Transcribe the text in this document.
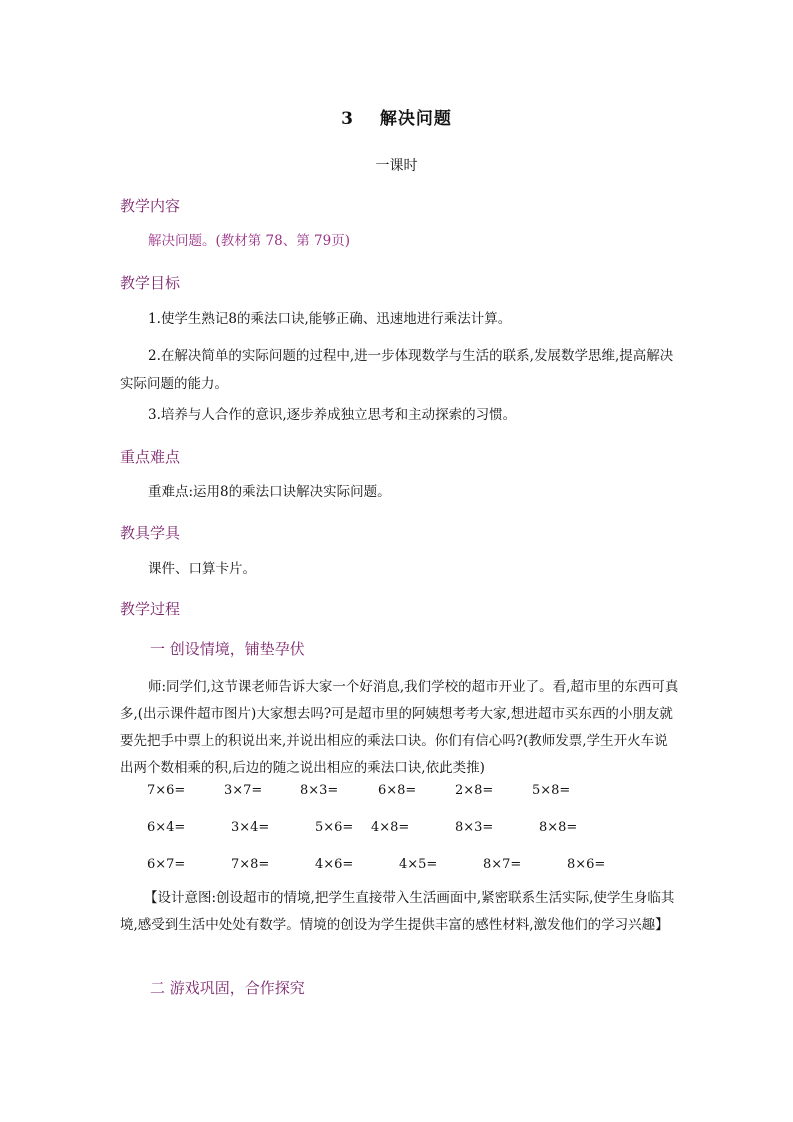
3 解决问题
一课时
教学内容
解决问题。(教材第 78、第 79页)
教学目标
1.使学生熟记8的乘法口诀,能够正确、迅速地进行乘法计算。
2.在解决简单的实际问题的过程中,进一步体现数学与生活的联系,发展数学思维,提高解决实际问题的能力。
3.培养与人合作的意识,逐步养成独立思考和主动探索的习惯。
重点难点
重难点:运用8的乘法口诀解决实际问题。
教具学具
课件、口算卡片。
教学过程
一 创设情境，铺垫孕伏
师:同学们,这节课老师告诉大家一个好消息,我们学校的超市开业了。看,超市里的东西可真多,(出示课件超市图片)大家想去吗?可是超市里的阿姨想考考大家,想进超市买东西的小朋友就要先把手中票上的积说出来,并说出相应的乘法口诀。你们有信心吗?(教师发票,学生开火车说出两个数相乘的积,后边的随之说出相应的乘法口诀,依此类推)
7×6=	3×7=	8×3=	6×8=	2×8=	5×8=
6×4=	3×4=	5×6= 4×8=	8×3=	8×8=
6×7=	7×8=	4×6=	4×5=	8×7=	8×6=
【设计意图:创设超市的情境,把学生直接带入生活画面中,紧密联系生活实际,使学生身临其境,感受到生活中处处有数学。情境的创设为学生提供丰富的感性材料,激发他们的学习兴趣】
二 游戏巩固，合作探究
